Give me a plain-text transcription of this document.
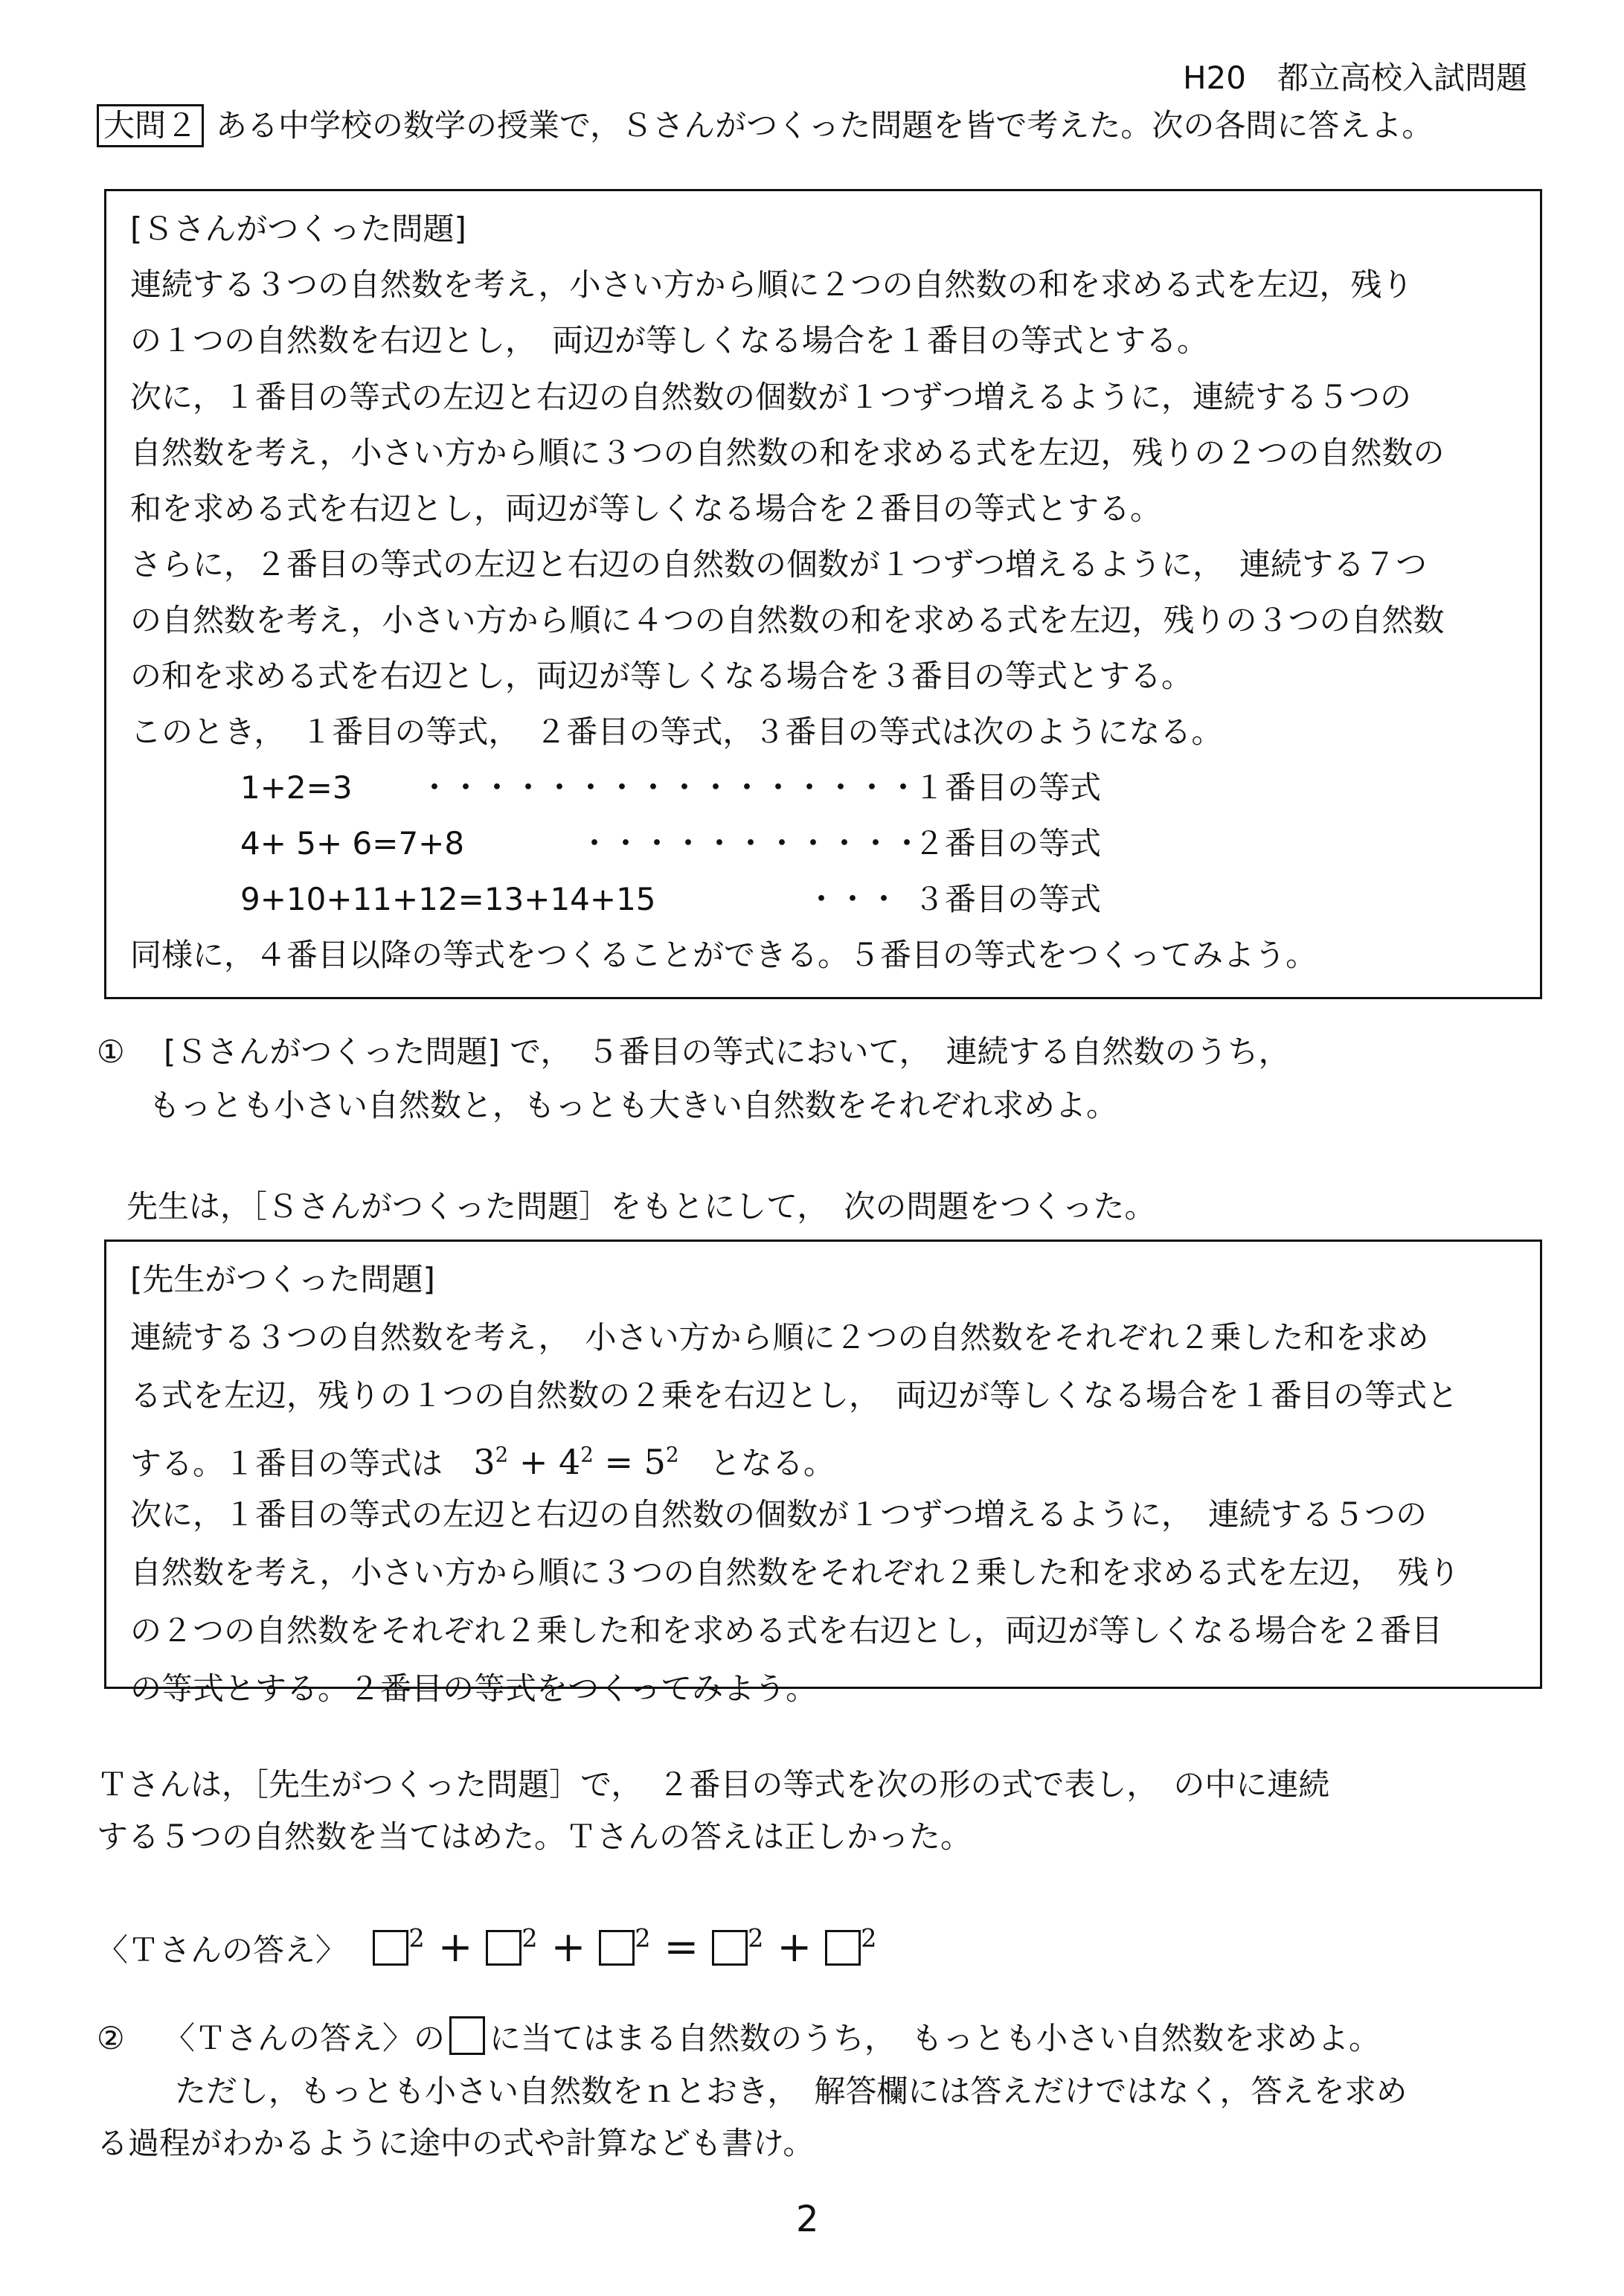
H20　都立高校入試問題
大問２ ある中学校の数学の授業で，Ｓさんがつくった問題を皆で考えた。次の各問に答えよ。
[Ｓさんがつくった問題]
連続する３つの自然数を考え，小さい方から順に２つの自然数の和を求める式を左辺，残り
の１つの自然数を右辺とし，　両辺が等しくなる場合を１番目の等式とする。
次に，１番目の等式の左辺と右辺の自然数の個数が１つずつ増えるように，連続する５つの
自然数を考え，小さい方から順に３つの自然数の和を求める式を左辺，残りの２つの自然数の
和を求める式を右辺とし，両辺が等しくなる場合を２番目の等式とする。
さらに，２番目の等式の左辺と右辺の自然数の個数が１つずつ増えるように，　連続する７つ
の自然数を考え，小さい方から順に４つの自然数の和を求める式を左辺，残りの３つの自然数
の和を求める式を右辺とし，両辺が等しくなる場合を３番目の等式とする。
このとき，　１番目の等式，　２番目の等式，３番目の等式は次のようになる。
1+2=3 ・・・・・・・・・・・・・・・・
１番目の等式
4+ 5+ 6=7+8	・・・・・・・・・・・
２番目の等式
9+10+11+12=13+14+15	・・・ ３番目の等式
同様に，４番目以降の等式をつくることができる。５番目の等式をつくってみよう。
① [Ｓさんがつくった問題] で，　５番目の等式において，　連続する自然数のうち，
もっとも小さい自然数と，もっとも大きい自然数をそれぞれ求めよ。
先生は，［Ｓさんがつくった問題］をもとにして，　次の問題をつくった。
[先生がつくった問題]
連続する３つの自然数を考え，　小さい方から順に２つの自然数をそれぞれ２乗した和を求め
る式を左辺，残りの１つの自然数の２乗を右辺とし，　両辺が等しくなる場合を１番目の等式と
する。１番目の等式は $3^2 + 4^2 = 5^2$ となる。
次に，１番目の等式の左辺と右辺の自然数の個数が１つずつ増えるように，　連続する５つの
自然数を考え，小さい方から順に３つの自然数をそれぞれ２乗した和を求める式を左辺，　残り
の２つの自然数をそれぞれ２乗した和を求める式を右辺とし，両辺が等しくなる場合を２番目
の等式とする。２番目の等式をつくってみよう。
Ｔさんは，［先生がつくった問題］で，　２番目の等式を次の形の式で表し，　の中に連続
する５つの自然数を当てはめた。Ｔさんの答えは正しかった。
〈Ｔさんの答え〉 $^2$ + $^2$ + $^2$ = $^2$ + $^2$
② 〈Ｔさんの答え〉の に当てはまる自然数のうち，　もっとも小さい自然数を求めよ。
ただし，もっとも小さい自然数をｎとおき，　解答欄には答えだけではなく，答えを求め
る過程がわかるように途中の式や計算なども書け。
2
